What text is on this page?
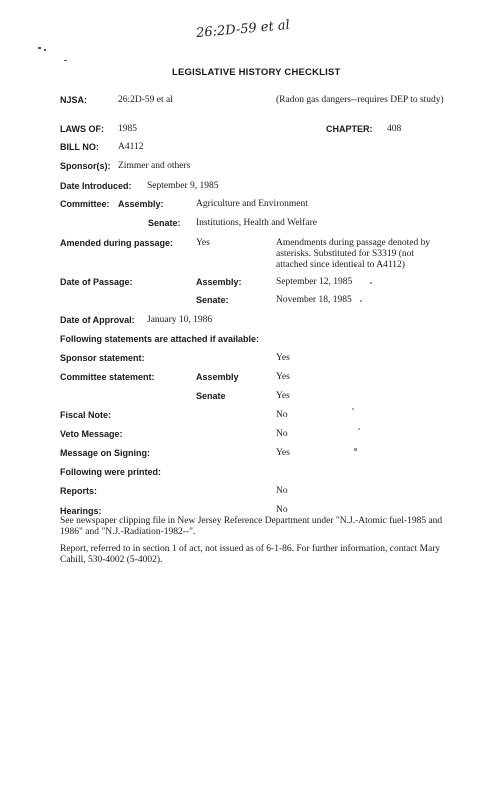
26:2D-59 et al
LEGISLATIVE HISTORY CHECKLIST
NJSA:	26:2D-59 et al	(Radon gas dangers--requires DEP to study)
LAWS OF: 1985	CHAPTER: 408
BILL NO: A4112
Sponsor(s): Zimmer and others
Date Introduced: September 9, 1985
Committee: Assembly:	Agriculture and Environment
Senate: Institutions, Health and Welfare
Amended during passage: Yes	Amendments during passage denoted by asterisks. Substituted for S3319 (not attached since identical to A4112)
Date of Passage:	Assembly:	September 12, 1985
Senate:	November 18, 1985
Date of Approval: January 10, 1986
Following statements are attached if available:
Sponsor statement:	Yes
Committee statement:	Assembly	Yes
Senate	Yes
Fiscal Note:	No
Veto Message:	No
Message on Signing:	Yes
Following were printed:
Reports:	No
Hearings:	No
See newspaper clipping file in New Jersey Reference Department under "N.J.-Atomic fuel-1985 and 1986" and "N.J.-Radiation-1982--".
Report, referred to in section 1 of act, not issued as of 6-1-86. For further information, contact Mary Cahill, 530-4002 (5-4002).
